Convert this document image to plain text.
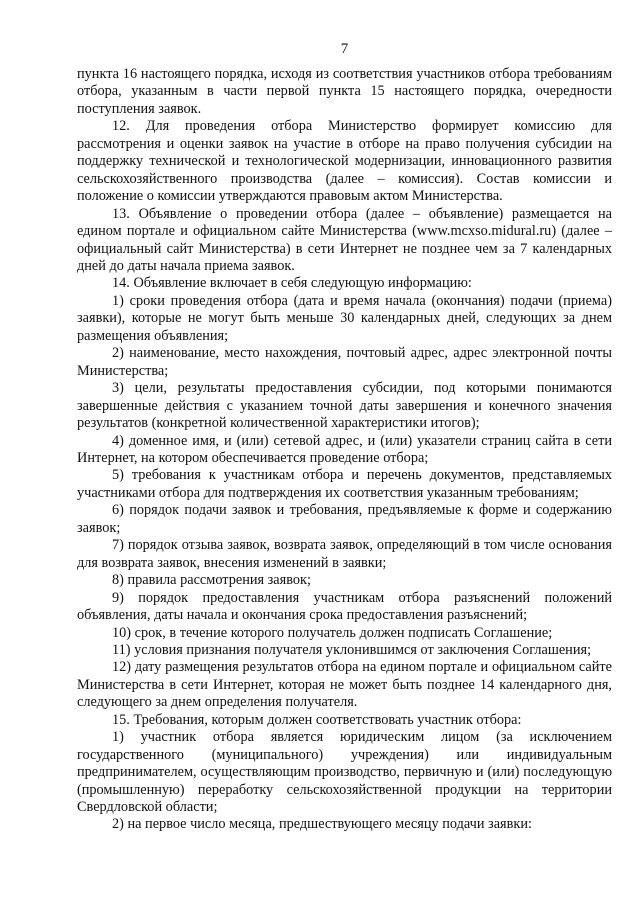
7

пункта 16 настоящего порядка, исходя из соответствия участников отбора требованиям отбора, указанным в части первой пункта 15 настоящего порядка, очередности поступления заявок.

12. Для проведения отбора Министерство формирует комиссию для рассмотрения и оценки заявок на участие в отборе на право получения субсидии на поддержку технической и технологической модернизации, инновационного развития сельскохозяйственного производства (далее – комиссия). Состав комиссии и положение о комиссии утверждаются правовым актом Министерства.

13. Объявление о проведении отбора (далее – объявление) размещается на едином портале и официальном сайте Министерства (www.mcxso.midural.ru) (далее – официальный сайт Министерства) в сети Интернет не позднее чем за 7 календарных дней до даты начала приема заявок.

14. Объявление включает в себя следующую информацию:

1) сроки проведения отбора (дата и время начала (окончания) подачи (приема) заявки), которые не могут быть меньше 30 календарных дней, следующих за днем размещения объявления;

2) наименование, место нахождения, почтовый адрес, адрес электронной почты Министерства;

3) цели, результаты предоставления субсидии, под которыми понимаются завершенные действия с указанием точной даты завершения и конечного значения результатов (конкретной количественной характеристики итогов);

4) доменное имя, и (или) сетевой адрес, и (или) указатели страниц сайта в сети Интернет, на котором обеспечивается проведение отбора;

5) требования к участникам отбора и перечень документов, представляемых участниками отбора для подтверждения их соответствия указанным требованиям;

6) порядок подачи заявок и требования, предъявляемые к форме и содержанию заявок;

7) порядок отзыва заявок, возврата заявок, определяющий в том числе основания для возврата заявок, внесения изменений в заявки;

8) правила рассмотрения заявок;

9) порядок предоставления участникам отбора разъяснений положений объявления, даты начала и окончания срока предоставления разъяснений;

10) срок, в течение которого получатель должен подписать Соглашение;

11) условия признания получателя уклонившимся от заключения Соглашения;

12) дату размещения результатов отбора на едином портале и официальном сайте Министерства в сети Интернет, которая не может быть позднее 14 календарного дня, следующего за днем определения получателя.

15. Требования, которым должен соответствовать участник отбора:

1) участник отбора является юридическим лицом (за исключением государственного (муниципального) учреждения) или индивидуальным предпринимателем, осуществляющим производство, первичную и (или) последующую (промышленную) переработку сельскохозяйственной продукции на территории Свердловской области;

2) на первое число месяца, предшествующего месяцу подачи заявки:
